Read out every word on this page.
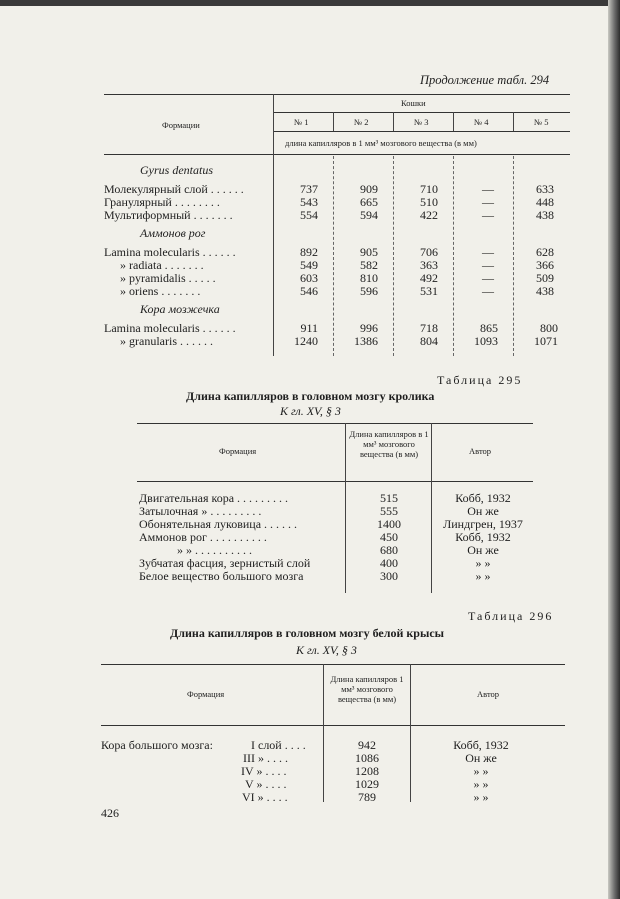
Продолжение табл. 294
Формации
Кошки
№ 1	№ 2	№ 3	№ 4	№ 5
длина капилляров в 1 мм³ мозгового вещества (в мм)
Gyrus dentatus
Молекулярный слой . . . . . .	737	909	710	—	633
Гранулярный . . . . . . . .	543	665	510	—	448
Мультиформный . . . . . . .	554	594	422	—	438
Аммонов рог
Lamina molecularis . . . . . .	892	905	706	—	628
» radiata . . . . . . .	549	582	363	—	366
» pyramidalis . . . . .	603	810	492	—	509
» oriens . . . . . . .	546	596	531	—	438
Кора мозжечка
Lamina molecularis . . . . . .	911	996	718	865	800
» granularis . . . . . .	1240	1386	804	1093	1071
Таблица 295
Длина капилляров в головном мозгу кролика
К гл. XV, § 3
Формация
Длина капилляров в 1 мм³ мозгового вещества (в мм)	Автор
Двигательная кора . . . . . . . . .	515	Кобб, 1932
Затылочная » . . . . . . . . .	555	Он же
Обонятельная луковица . . . . . .	1400	Линдгрен, 1937
Аммонов рог . . . . . . . . . .	450	Кобб, 1932
» » . . . . . . . . . .	680	Он же
Зубчатая фасция, зернистый слой	400	» »
Белое вещество большого мозга	300	» »
Таблица 296
Длина капилляров в головном мозгу белой крысы
К гл. XV, § 3
Формация
Длина капилляров 1 мм³ мозгового вещества (в мм)	Автор
Кора большого мозга:	I слой . . . .	942	Кобб, 1932
III » . . . .	1086	Он же
IV » . . . .	1208	» »
V » . . . .	1029	» »
VI » . . . .	789	» »
426
